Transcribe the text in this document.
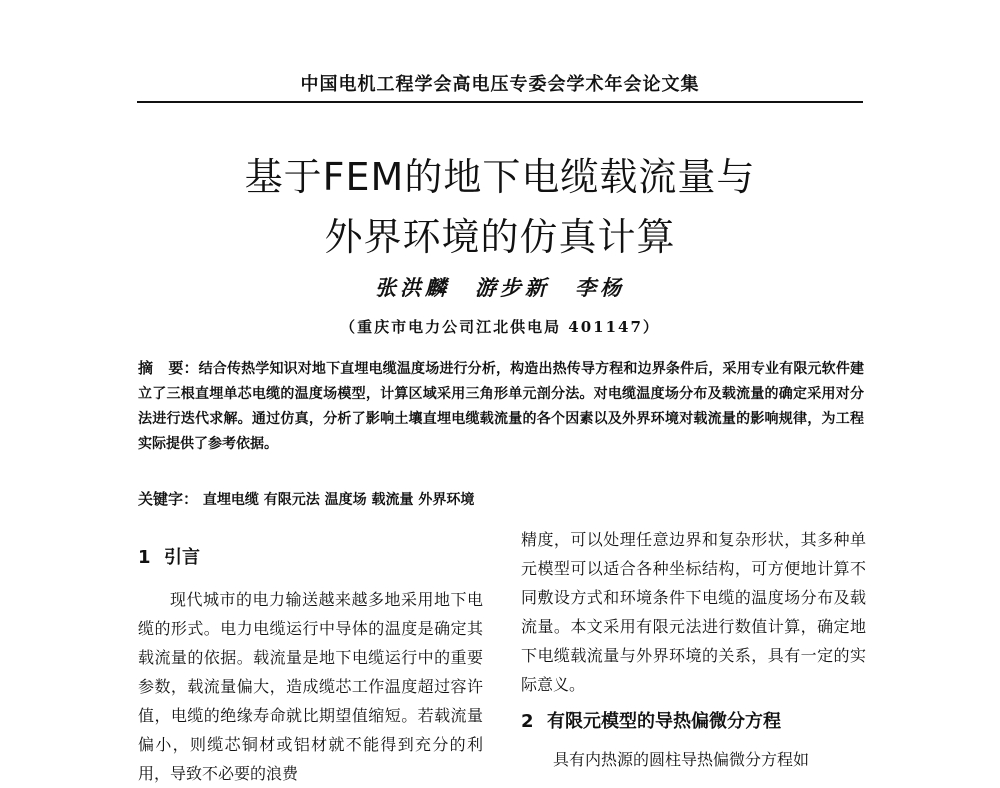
中国电机工程学会高电压专委会学术年会论文集
基于FEM的地下电缆载流量与
外界环境的仿真计算
张洪麟　游步新　李杨
（重庆市电力公司江北供电局 401147）
摘　要：结合传热学知识对地下直埋电缆温度场进行分析，构造出热传导方程和边界条件后，采用专业有限元软件建立了三根直埋单芯电缆的温度场模型，计算区域采用三角形单元剖分法。对电缆温度场分布及载流量的确定采用对分法进行迭代求解。通过仿真，分析了影响土壤直埋电缆载流量的各个因素以及外界环境对载流量的影响规律，为工程实际提供了参考依据。
关键字： 直埋电缆 有限元法 温度场 载流量 外界环境

1 引言

现代城市的电力输送越来越多地采用地下电缆的形式。电力电缆运行中导体的温度是确定其载流量的依据。载流量是地下电缆运行中的重要参数，载流量偏大，造成缆芯工作温度超过容许值，电缆的绝缘寿命就比期望值缩短。若载流量偏小，则缆芯铜材或铝材就不能得到充分的利用，导致不必要的浪费

精度，可以处理任意边界和复杂形状，其多种单元模型可以适合各种坐标结构，可方便地计算不同敷设方式和环境条件下电缆的温度场分布及载流量。本文采用有限元法进行数值计算，确定地下电缆载流量与外界环境的关系，具有一定的实际意义。

2 有限元模型的导热偏微分方程

具有内热源的圆柱导热偏微分方程如
